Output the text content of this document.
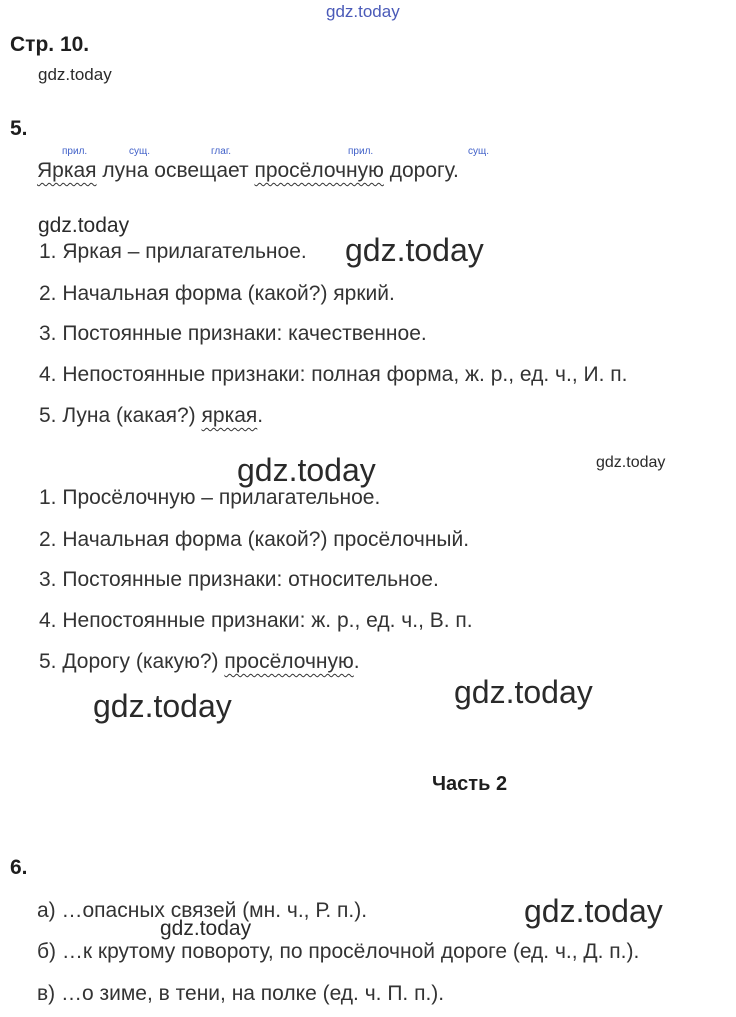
gdz.today
gdz.today
gdz.today
gdz.today
gdz.today	gdz.today
gdz.today
gdz.today
gdz.today
gdz.today
Стр. 10.
5.
прил.	сущ.	глаг.	прил.	сущ.
Яркая луна освещает просёлочную дорогу.
1. Яркая – прилагательное.
2. Начальная форма (какой?) яркий.
3. Постоянные признаки: качественное.
4. Непостоянные признаки: полная форма, ж. р., ед. ч., И. п.
5. Луна (какая?) яркая.
1. Просёлочную – прилагательное.
2. Начальная форма (какой?) просёлочный.
3. Постоянные признаки: относительное.
4. Непостоянные признаки: ж. р., ед. ч., В. п.
5. Дорогу (какую?) просёлочную.
Часть 2
6.
а) …опасных связей (мн. ч., Р. п.).
б) …к крутому повороту, по просёлочной дороге (ед. ч., Д. п.).
в) …о зиме, в тени, на полке (ед. ч. П. п.).
